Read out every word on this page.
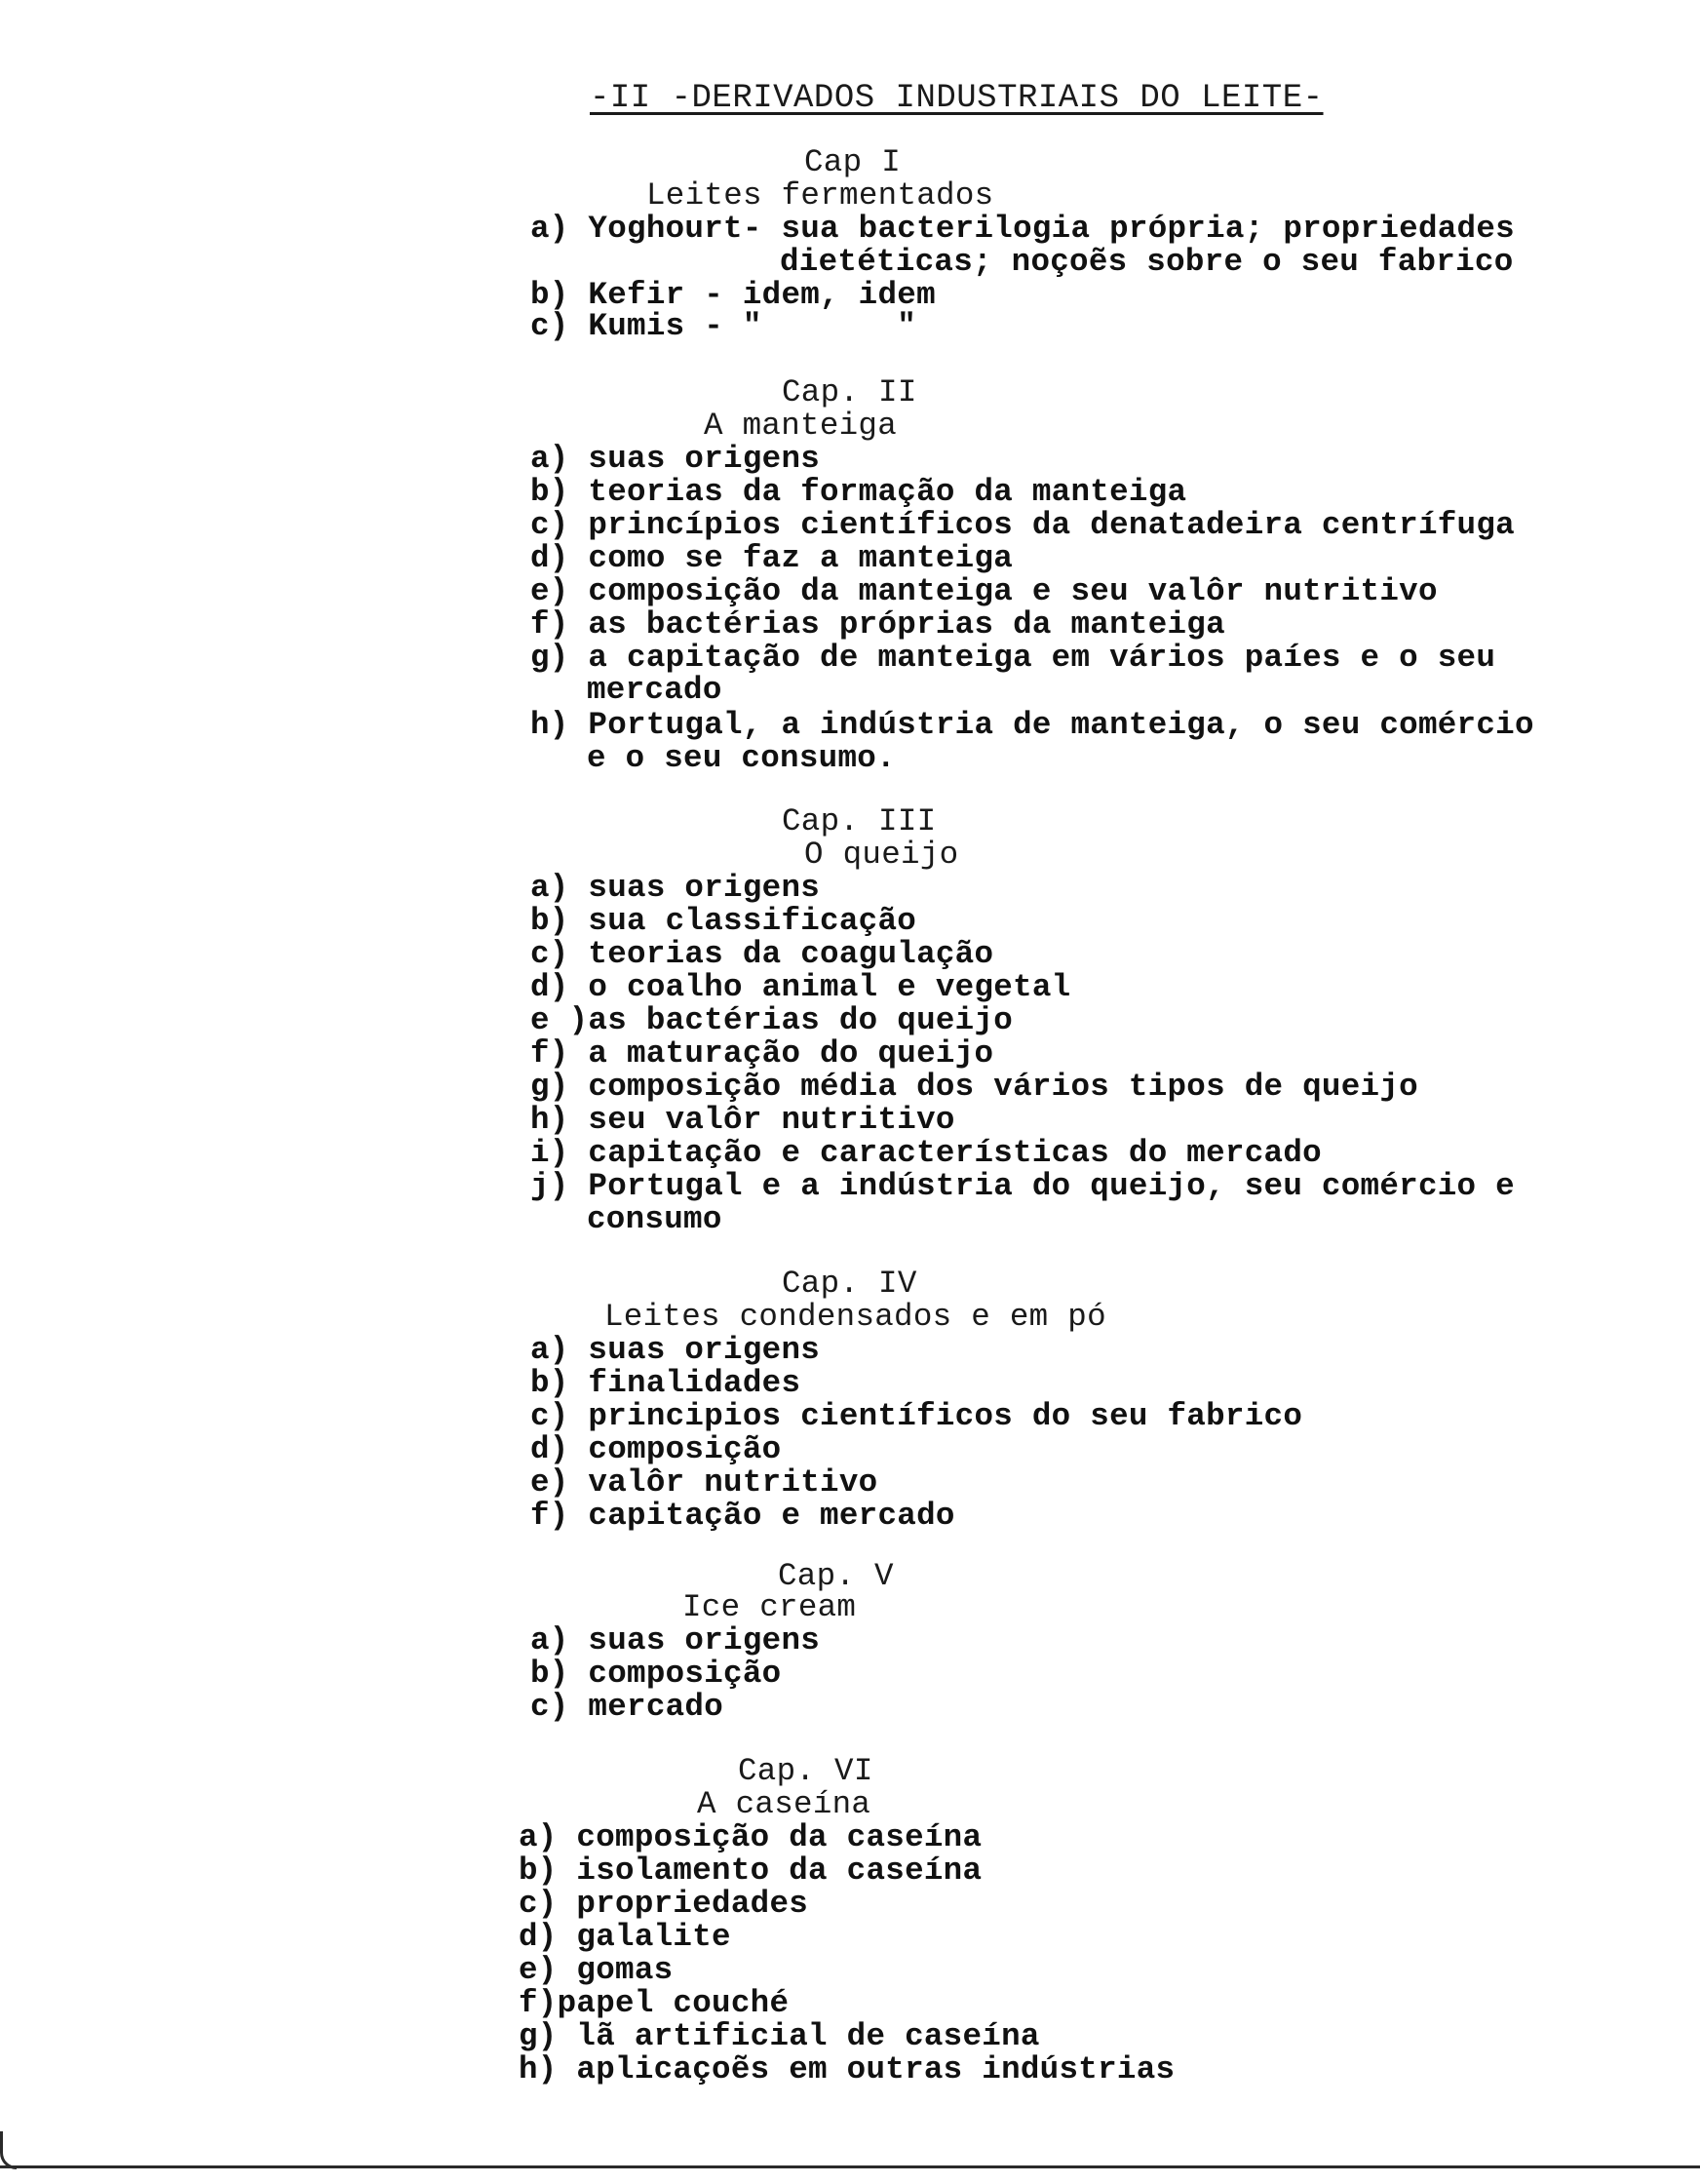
-II -DERIVADOS INDUSTRIAIS DO LEITE-
Cap I
Leites fermentados
a) Yoghourt- sua bacterilogia própria; propriedades
dietéticas; noçoẽs sobre o seu fabrico
b) Kefir - idem, idem
c) Kumis - "       "
Cap. II
A manteiga
a) suas origens
b) teorias da formação da manteiga
c) princípios científicos da denatadeira centrífuga
d) como se faz a manteiga
e) composição da manteiga e seu valôr nutritivo
f) as bactérias próprias da manteiga
g) a capitação de manteiga em vários paíes e o seu
mercado
h) Portugal, a indústria de manteiga, o seu comércio
e o seu consumo.
Cap. III
O queijo
a) suas origens
b) sua classificação
c) teorias da coagulação
d) o coalho animal e vegetal
e )as bactérias do queijo
f) a maturação do queijo
g) composição média dos vários tipos de queijo
h) seu valôr nutritivo
i) capitação e características do mercado
j) Portugal e a indústria do queijo, seu comércio e
consumo
Cap. IV
Leites condensados e em pó
a) suas origens
b) finalidades
c) principios científicos do seu fabrico
d) composição
e) valôr nutritivo
f) capitação e mercado
Cap. V
Ice cream
a) suas origens
b) composição
c) mercado
Cap. VI
A caseína
a) composição da caseína
b) isolamento da caseína
c) propriedades
d) galalite
e) gomas
f)papel couché
g) lã artificial de caseína
h) aplicaçoẽs em outras indústrias
